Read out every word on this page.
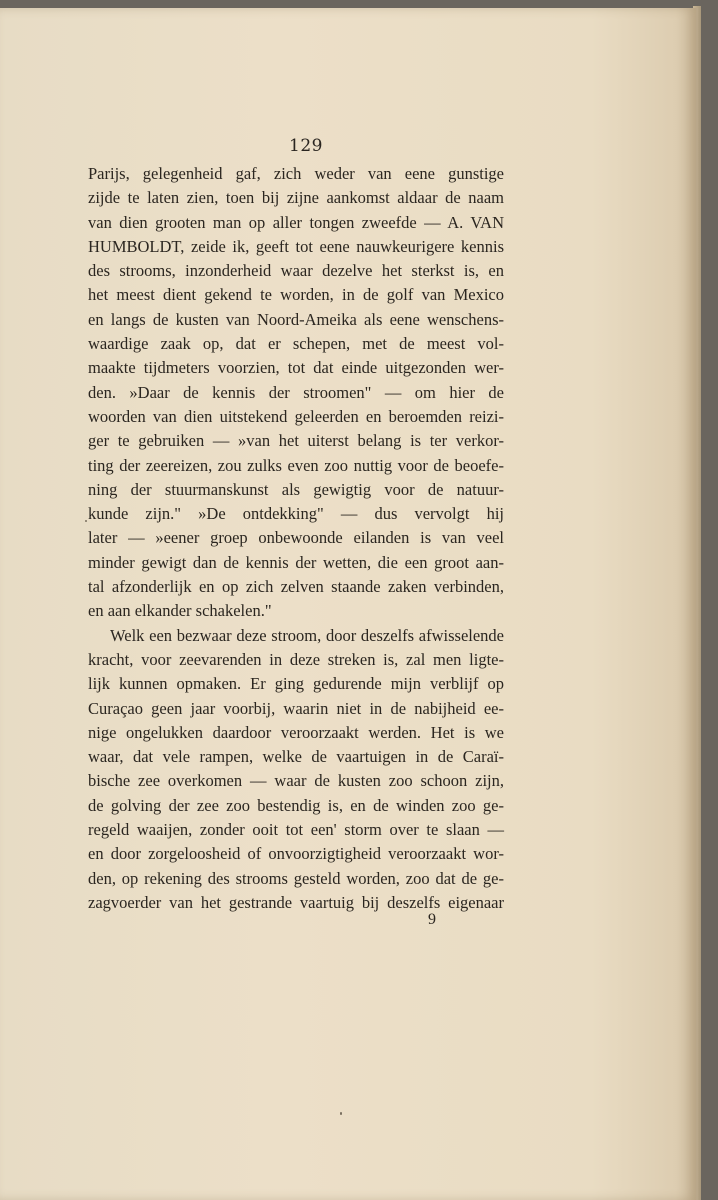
129
Parijs, gelegenheid gaf, zich weder van eene gunstige
zijde te laten zien, toen bij zijne aankomst aldaar de naam
van dien grooten man op aller tongen zweefde — A. VAN
HUMBOLDT, zeide ik, geeft tot eene nauwkeurigere kennis
des strooms, inzonderheid waar dezelve het sterkst is, en
het meest dient gekend te worden, in de golf van Mexico
en langs de kusten van Noord-Ameika als eene wenschens-
waardige zaak op, dat er schepen, met de meest vol-
maakte tijdmeters voorzien, tot dat einde uitgezonden wer-
den. »Daar de kennis der stroomen" — om hier de
woorden van dien uitstekend geleerden en beroemden reizi-
ger te gebruiken — »van het uiterst belang is ter verkor-
ting der zeereizen, zou zulks even zoo nuttig voor de beoefe-
ning der stuurmanskunst als gewigtig voor de natuur-
kunde zijn." »De ontdekking" — dus vervolgt hij
later — »eener groep onbewoonde eilanden is van veel
minder gewigt dan de kennis der wetten, die een groot aan-
tal afzonderlijk en op zich zelven staande zaken verbinden,
en aan elkander schakelen."
Welk een bezwaar deze stroom, door deszelfs afwisselende
kracht, voor zeevarenden in deze streken is, zal men ligte-
lijk kunnen opmaken. Er ging gedurende mijn verblijf op
Curaçao geen jaar voorbij, waarin niet in de nabijheid ee-
nige ongelukken daardoor veroorzaakt werden. Het is we
waar, dat vele rampen, welke de vaartuigen in de Caraï-
bische zee overkomen — waar de kusten zoo schoon zijn,
de golving der zee zoo bestendig is, en de winden zoo ge-
regeld waaijen, zonder ooit tot een' storm over te slaan —
en door zorgeloosheid of onvoorzigtigheid veroorzaakt wor-
den, op rekening des strooms gesteld worden, zoo dat de ge-
zagvoerder van het gestrande vaartuig bij deszelfs eigenaar
9
